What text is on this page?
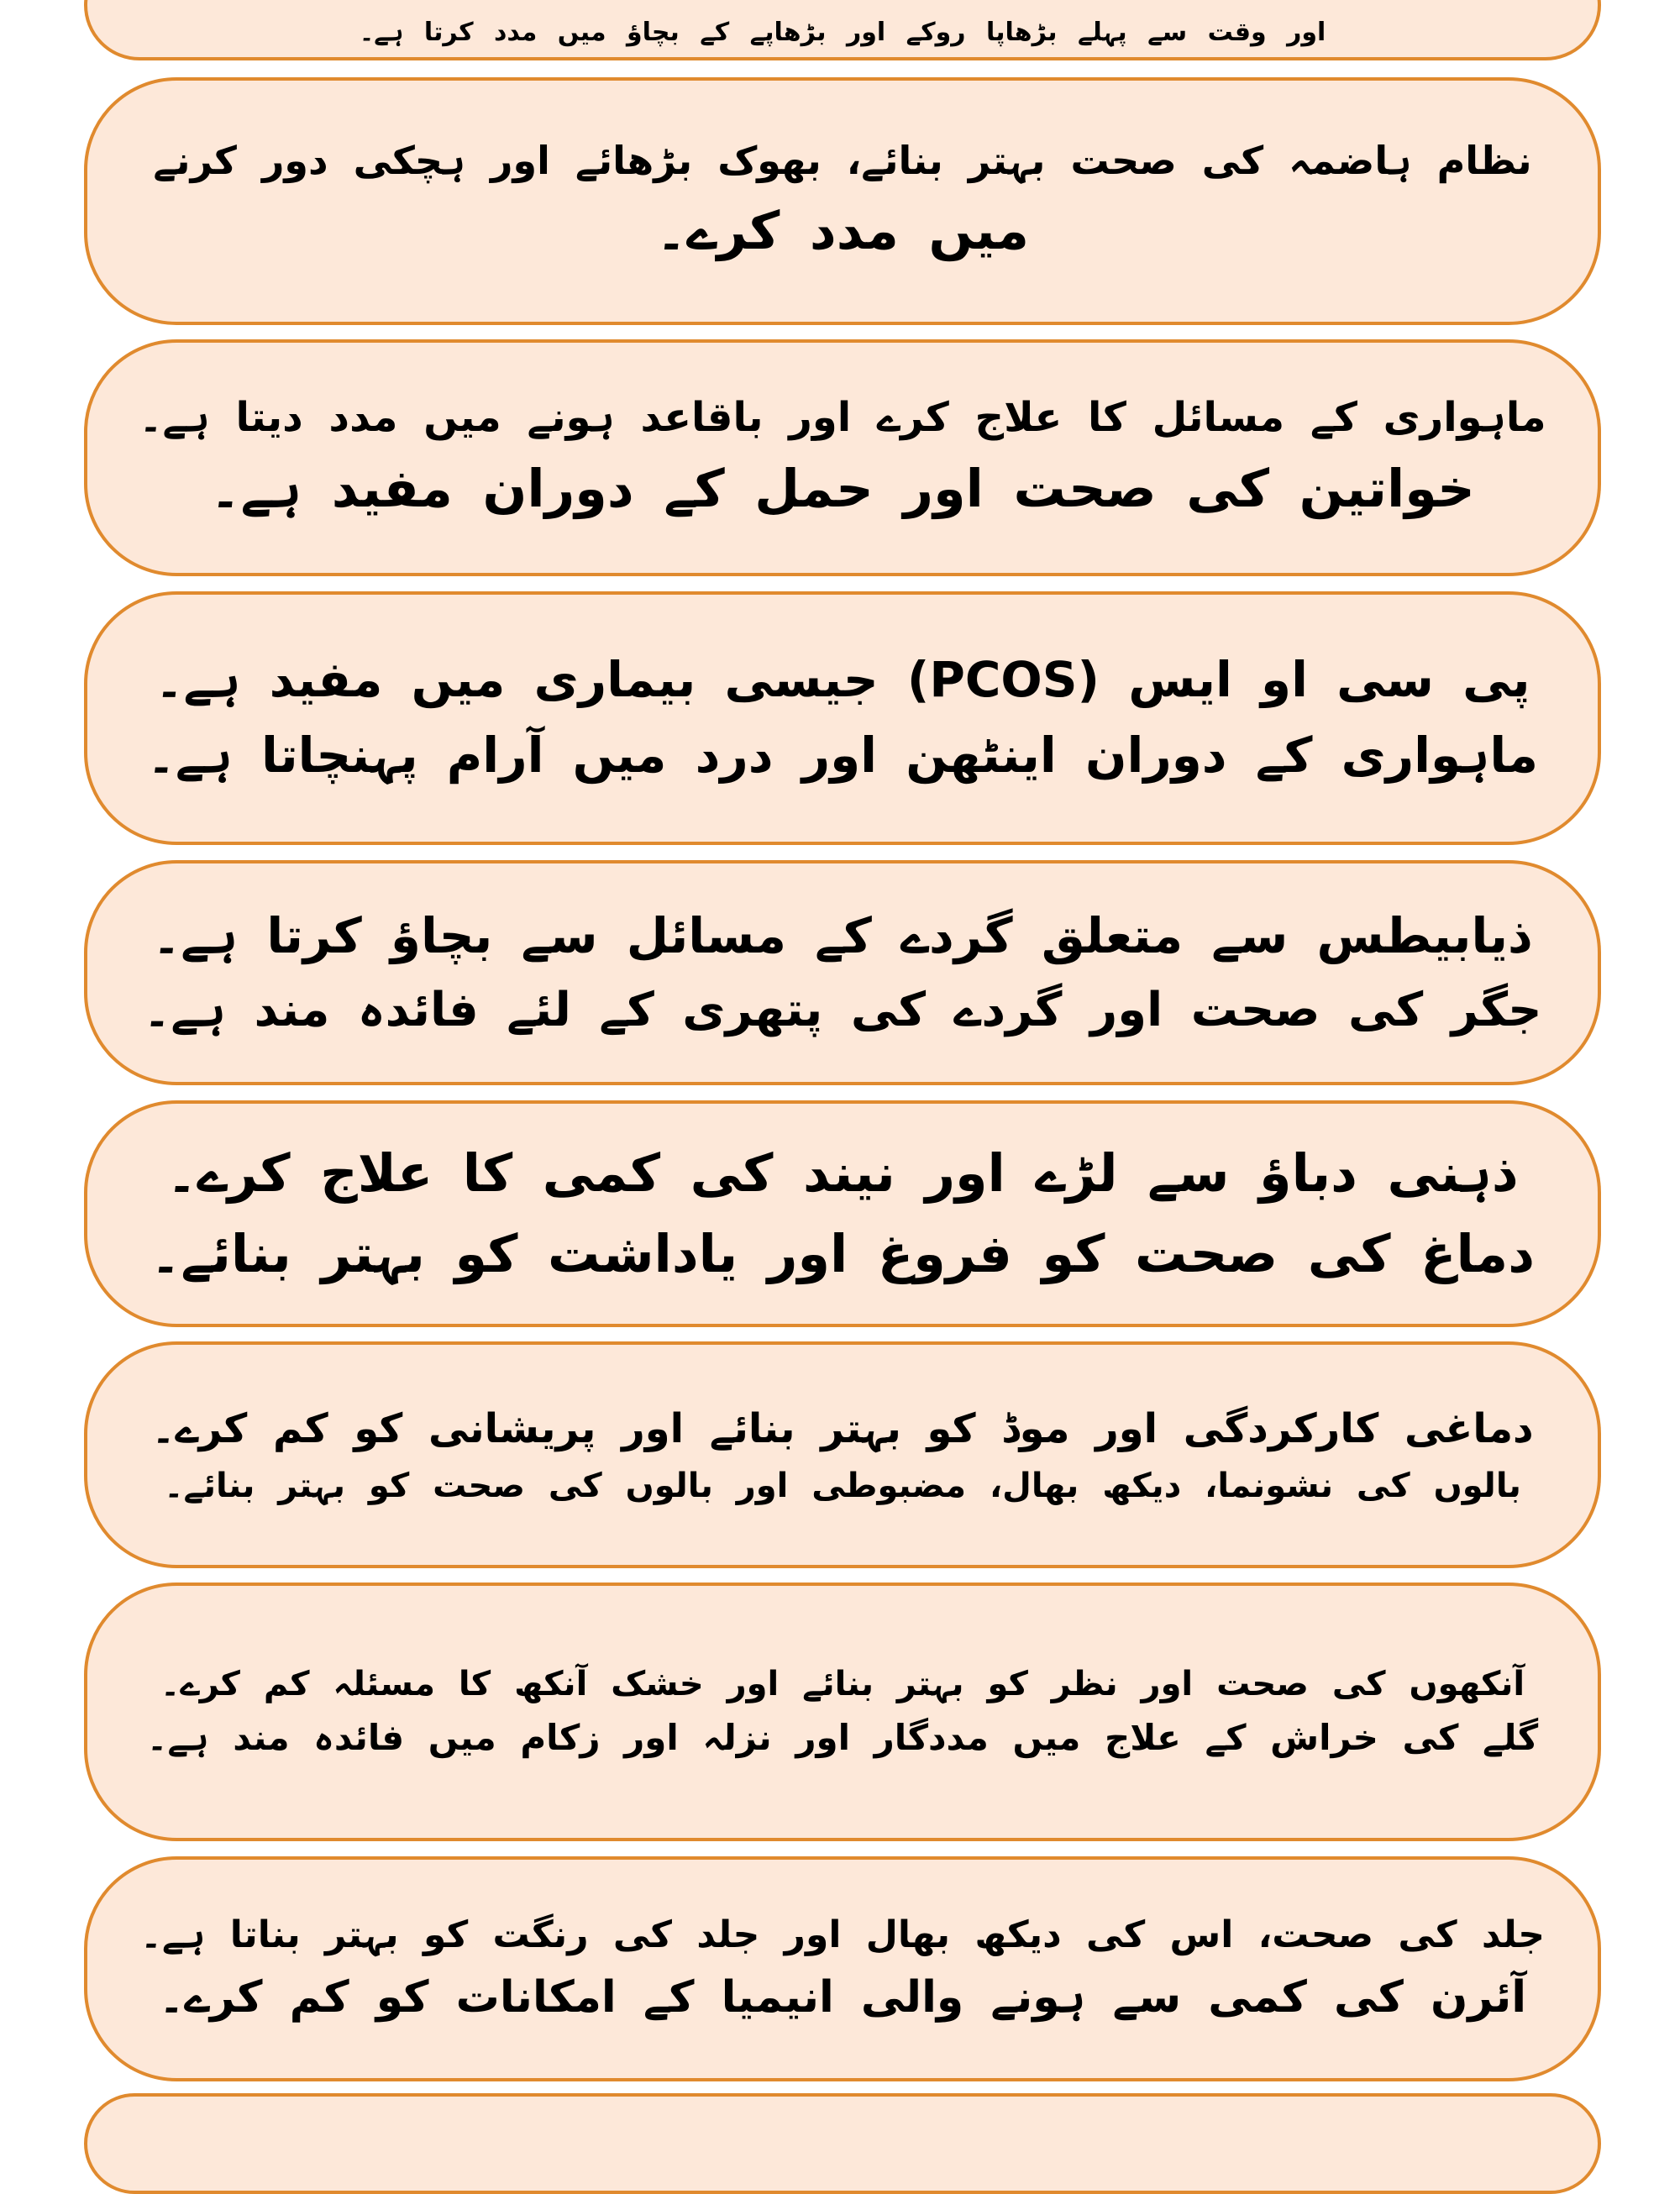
اور وقت سے پہلے بڑھاپا روکے اور بڑھاپے کے بچاؤ میں مدد کرتا ہے۔
نظام ہاضمہ کی صحت بہتر بنائے، بھوک بڑھائے اور ہچکی دور کرنے
میں مدد کرے۔
ماہواری کے مسائل کا علاج کرے اور باقاعد ہونے میں مدد دیتا ہے۔
خواتین کی صحت اور حمل کے دوران مفید ہے۔
پی سی او ایس (PCOS) جیسی بیماری میں مفید ہے۔
ماہواری کے دوران اینٹھن اور درد میں آرام پہنچاتا ہے۔
ذیابیطس سے متعلق گردے کے مسائل سے بچاؤ کرتا ہے۔
جگر کی صحت اور گردے کی پتھری کے لئے فائدہ مند ہے۔
ذہنی دباؤ سے لڑے اور نیند کی کمی کا علاج کرے۔
دماغ کی صحت کو فروغ اور یاداشت کو بہتر بنائے۔
دماغی کارکردگی اور موڈ کو بہتر بنائے اور پریشانی کو کم کرے۔
بالوں کی نشونما، دیکھ بھال، مضبوطی اور بالوں کی صحت کو بہتر بنائے۔
آنکھوں کی صحت اور نظر کو بہتر بنائے اور خشک آنکھ کا مسئلہ کم کرے۔
گلے کی خراش کے علاج میں مددگار اور نزلہ اور زکام میں فائدہ مند ہے۔
جلد کی صحت، اس کی دیکھ بھال اور جلد کی رنگت کو بہتر بناتا ہے۔
آئرن کی کمی سے ہونے والی انیمیا کے امکانات کو کم کرے۔
